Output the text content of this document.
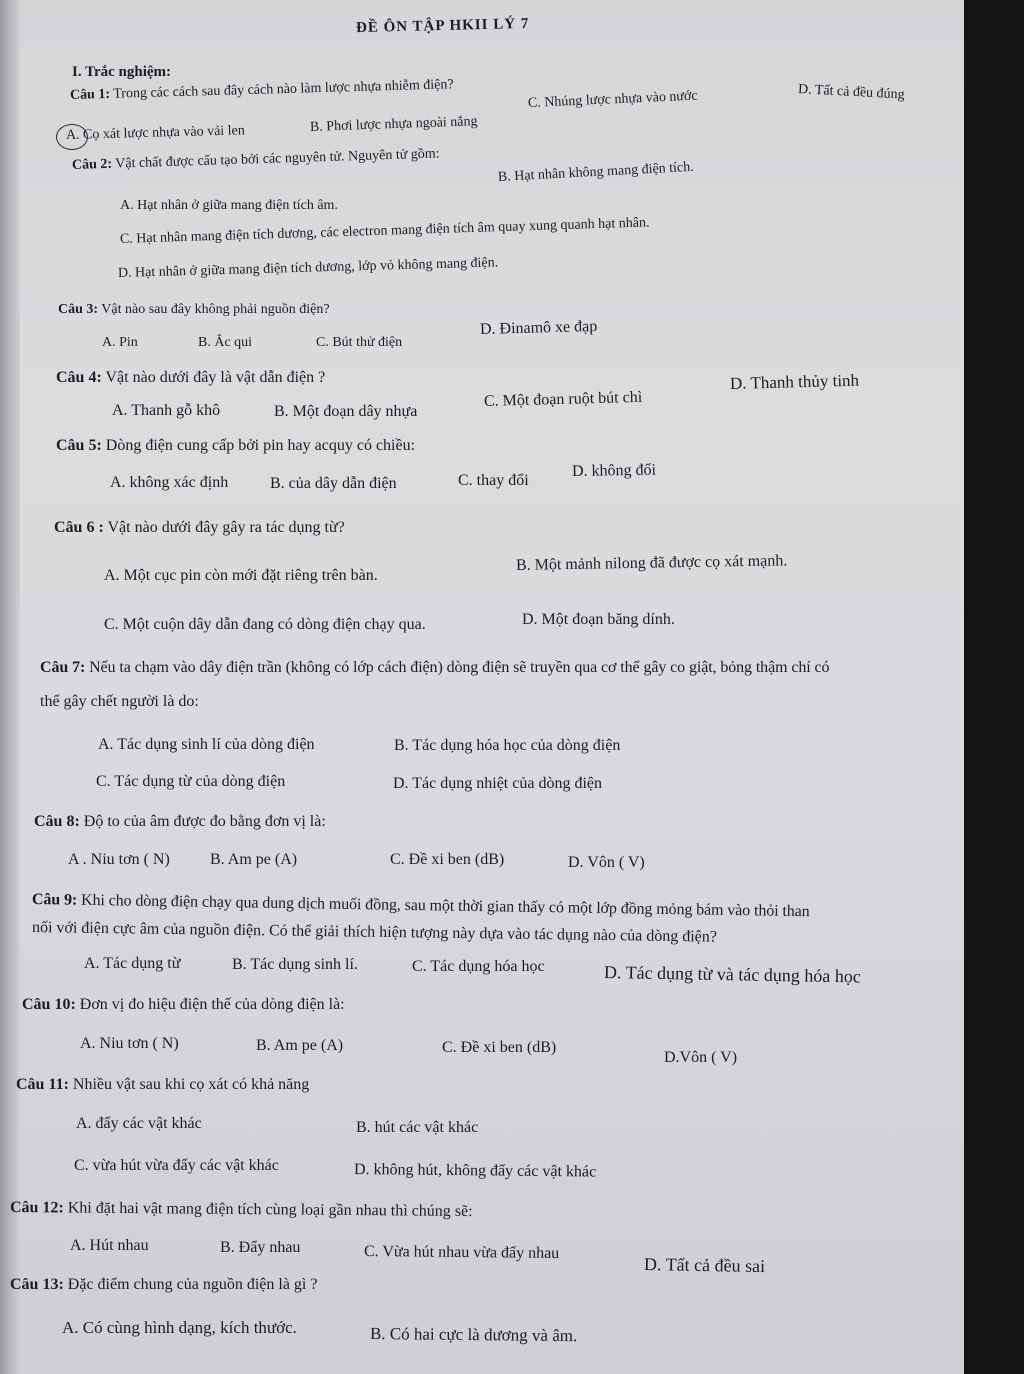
ĐỀ ÔN TẬP HKII LÝ 7
I. Trắc nghiệm:
Câu 1: Trong các cách sau đây cách nào làm lược nhựa nhiễm điện?	D. Tất cả đều đúng
A. Cọ xát lược nhựa vào vải len	B. Phơi lược nhựa ngoài nắng
C. Nhúng lược nhựa vào nước
Câu 2: Vật chất được cấu tạo bởi các nguyên tử. Nguyên tử gồm:
A. Hạt nhân ở giữa mang điện tích âm.
B. Hạt nhân không mang điện tích.
C. Hạt nhân mang điện tích dương, các electron mang điện tích âm quay xung quanh hạt nhân.
D. Hạt nhân ở giữa mang điện tích dương, lớp vỏ không mang điện.
Câu 3: Vật nào sau đây không phải nguồn điện?
A. Pin	B. Ắc qui	C. Bút thử điện
D. Đinamô xe đạp
Câu 4: Vật nào dưới đây là vật dẫn điện ?
A. Thanh gỗ khô	B. Một đoạn dây nhựa
C. Một đoạn ruột bút chì
D. Thanh thủy tinh
Câu 5: Dòng điện cung cấp bởi pin hay acquy có chiều:
A. không xác định	B. của dây dẫn điện	C. thay đổi
D. không đổi
Câu 6 : Vật nào dưới đây gây ra tác dụng từ?
A. Một cục pin còn mới đặt riêng trên bàn.
B. Một mảnh nilong đã được cọ xát mạnh.
C. Một cuộn dây dẫn đang có dòng điện chạy qua.	D. Một đoạn băng dính.
Câu 7: Nếu ta chạm vào dây điện trần (không có lớp cách điện) dòng điện sẽ truyền qua cơ thể gây co giật, bỏng thậm chí có
thể gây chết người là do:
A. Tác dụng sinh lí của dòng điện	B. Tác dụng hóa học của dòng điện
C. Tác dụng từ của dòng điện	D. Tác dụng nhiệt của dòng điện
Câu 8: Độ to của âm được đo bằng đơn vị là:
A . Niu tơn ( N)	B. Am pe (A)	C. Đề xi ben (dB)	D. Vôn ( V)
Câu 9: Khi cho dòng điện chạy qua dung dịch muối đồng, sau một thời gian thấy có một lớp đồng mỏng bám vào thỏi than
nối với điện cực âm của nguồn điện. Có thể giải thích hiện tượng này dựa vào tác dụng nào của dòng điện?
A. Tác dụng từ	B. Tác dụng sinh lí.	C. Tác dụng hóa học	D. Tác dụng từ và tác dụng hóa học
Câu 10: Đơn vị đo hiệu điện thế của dòng điện là:
A. Niu tơn ( N)	B. Am pe (A)	C. Đề xi ben (dB)
D.Vôn ( V)
Câu 11: Nhiều vật sau khi cọ xát có khả năng
A. đẩy các vật khác	B. hút các vật khác
C. vừa hút vừa đẩy các vật khác	D. không hút, không đẩy các vật khác
Câu 12: Khi đặt hai vật mang điện tích cùng loại gần nhau thì chúng sẽ:
A. Hút nhau	B. Đẩy nhau	C. Vừa hút nhau vừa đẩy nhau
D. Tất cả đều sai
Câu 13: Đặc điểm chung của nguồn điện là gì ?
A. Có cùng hình dạng, kích thước.	B. Có hai cực là dương và âm.
